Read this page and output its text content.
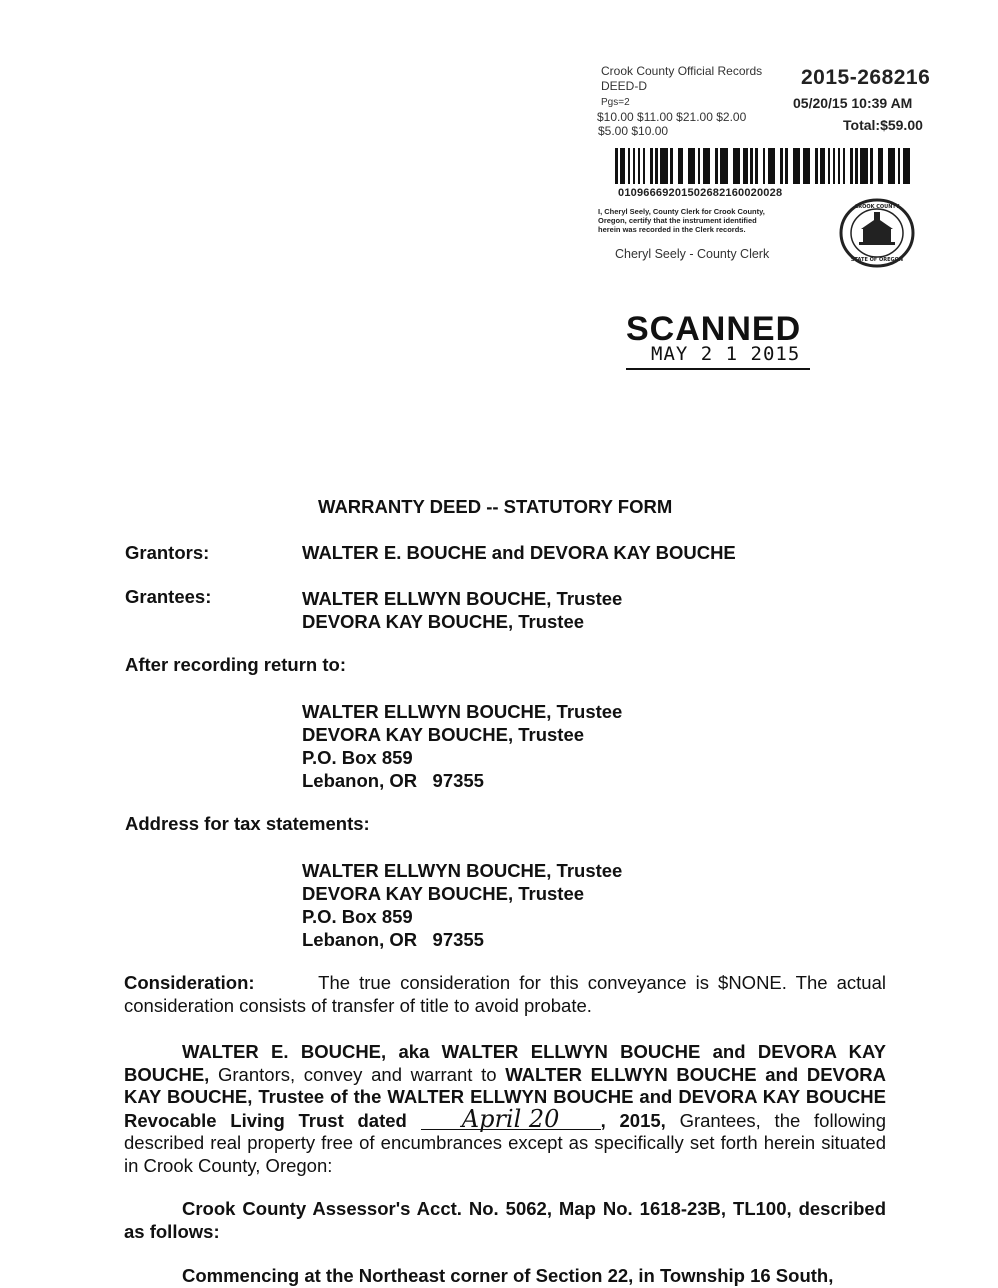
Crook County Official Records
DEED-D
Pgs=2
$10.00 $11.00 $21.00 $2.00
$5.00 $10.00
2015-268216
05/20/15 10:39 AM
Total:$59.00
01096669201502682160020028
I, Cheryl Seely, County Clerk for Crook County,
Oregon, certify that the instrument identified
herein was recorded in the Clerk records.
Cheryl Seely - County Clerk
CROOK COUNTY
STATE OF OREGON
SCANNED
MAY 2 1 2015
WARRANTY DEED -- STATUTORY FORM
Grantors:	WALTER E. BOUCHE and DEVORA KAY BOUCHE
Grantees:	WALTER ELLWYN BOUCHE, Trustee
DEVORA KAY BOUCHE, Trustee
After recording return to:
WALTER ELLWYN BOUCHE, Trustee
DEVORA KAY BOUCHE, Trustee
P.O. Box 859
Lebanon, OR   97355
Address for tax statements:
WALTER ELLWYN BOUCHE, Trustee
DEVORA KAY BOUCHE, Trustee
P.O. Box 859
Lebanon, OR   97355
Consideration:	The true consideration for this conveyance is $NONE. The actual consideration consists of transfer of title to avoid probate.
WALTER E. BOUCHE, aka WALTER ELLWYN BOUCHE and DEVORA KAY BOUCHE, Grantors, convey and warrant to WALTER ELLWYN BOUCHE and DEVORA KAY BOUCHE, Trustee of the WALTER ELLWYN BOUCHE and DEVORA KAY BOUCHE Revocable Living Trust dated April 20 , 2015, Grantees, the following described real property free of encumbrances except as specifically set forth herein situated in Crook County, Oregon:
Crook County Assessor's Acct. No. 5062, Map No. 1618-23B, TL100, described as follows:
Commencing at the Northeast corner of Section 22, in Township 16 South,
